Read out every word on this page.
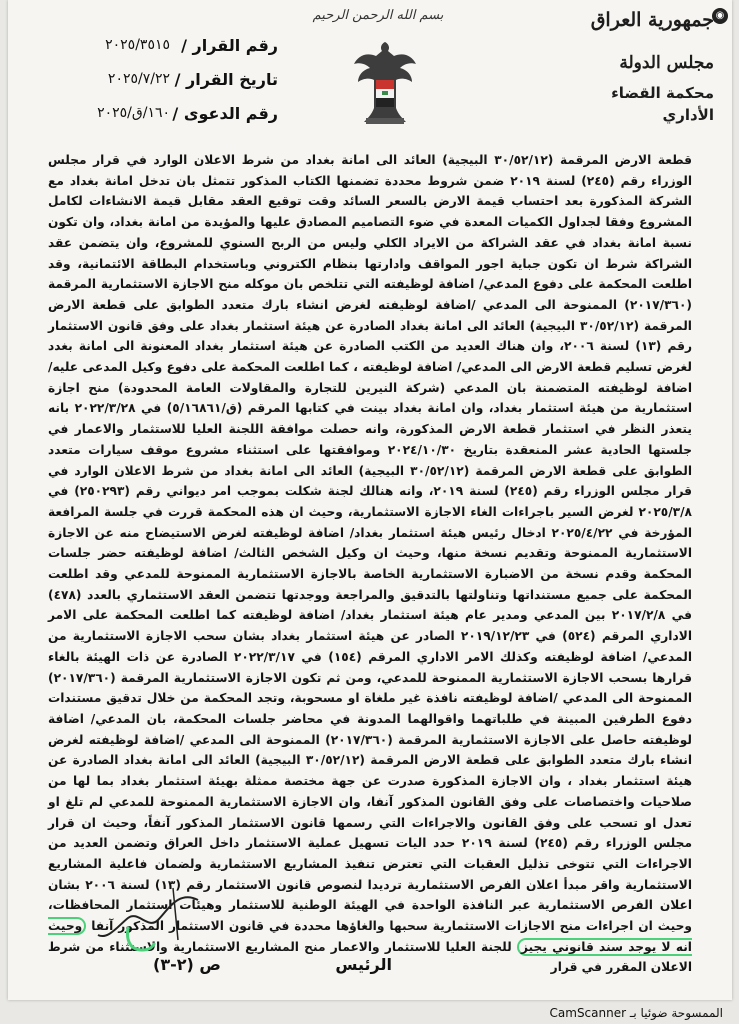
◉
جمهورية العراق
مجلس الدولة
محكمة القضاء الأداري
بسم الله الرحمن الرحيم
رقم القرار /
٢٠٢٥/٣٥١٥
تاريخ القرار /
٢٠٢٥/٧/٢٢
رقم الدعوى /
١٦٠/ق/٢٠٢٥

قطعة الارض المرقمة (٣٠/٥٢/١٢ البيجية) العائد الى امانة بغداد من شرط الاعلان الوارد في قرار مجلس الوزراء رقم (٢٤٥) لسنة ٢٠١٩ ضمن شروط محددة تضمنها الكتاب المذكور تتمثل بان تدخل امانة بغداد مع الشركة المذكورة بعد احتساب قيمة الارض بالسعر السائد وقت توقيع العقد مقابل قيمة الانشاءات لكامل المشروع وفقا لجداول الكميات المعدة في ضوء التصاميم المصادق عليها والمؤيدة من امانة بغداد، وان تكون نسبة امانة بغداد في عقد الشراكة من الايراد الكلي وليس من الربح السنوي للمشروع، وان يتضمن عقد الشراكة شرط ان تكون جباية اجور المواقف وادارتها بنظام الكتروني وباستخدام البطاقة الائتمانية، وقد اطلعت المحكمة على دفوع المدعي/ اضافة لوظيفته التي تتلخص بان موكله منح الاجازة الاستثمارية المرقمة (٢٠١٧/٣٦٠) الممنوحة الى المدعي /اضافة لوظيفته لغرض انشاء بارك متعدد الطوابق على قطعة الارض المرقمة (٣٠/٥٢/١٢ البيجية) العائد الى امانة بغداد الصادرة عن هيئة استثمار بغداد على وفق قانون الاستثمار رقم (١٣) لسنة ٢٠٠٦، وان هناك العديد من الكتب الصادرة عن هيئة استثمار بغداد المعنونة الى امانة بغدد لغرض تسليم قطعة الارض الى المدعي/ اضافة لوظيفته ، كما اطلعت المحكمة على دفوع وكيل المدعى عليه/ اضافة لوظيفته المتضمنة بان المدعي (شركة النيرين للتجارة والمقاولات العامة المحدودة) منح اجازة استثمارية من هيئة استثمار بغداد، وان امانة بغداد بينت في كتابها المرقم (ق/٥/١٦٨٦١) في ٢٠٢٢/٣/٢٨ بانه يتعذر النظر في استثمار قطعة الارض المذكورة، وانه حصلت موافقة اللجنة العليا للاستثمار والاعمار في جلستها الحادية عشر المنعقدة بتاريخ ٢٠٢٤/١٠/٣٠ وموافقتها على استثناء مشروع موقف سيارات متعدد الطوابق على قطعة الارض المرقمة (٣٠/٥٢/١٢ البيجية) العائد الى امانة بغداد من شرط الاعلان الوارد في قرار مجلس الوزراء رقم (٢٤٥) لسنة ٢٠١٩، وانه هنالك لجنة شكلت بموجب امر ديواني رقم (٢٥٠٢٩٣) في ٢٠٢٥/٣/٨ لغرض السير باجراءات الغاء الاجازة الاستثمارية، وحيث ان هذه المحكمة قررت في جلسة المرافعة المؤرخة في ٢٠٢٥/٤/٢٢ ادخال رئيس هيئة استثمار بغداد/ اضافة لوظيفته لغرض الاستيضاح منه عن الاجازة الاستثمارية الممنوحة وتقديم نسخة منها، وحيث ان وكيل الشخص الثالث/ اضافة لوظيفته حضر جلسات المحكمة وقدم نسخة من الاضبارة الاستثمارية الخاصة بالاجازة الاستثمارية الممنوحة للمدعي وقد اطلعت المحكمة على جميع مستنداتها وتناولتها بالتدقيق والمراجعة ووجدتها تتضمن العقد الاستثماري بالعدد (٤٧٨) في ٢٠١٧/٢/٨ بين المدعي ومدير عام هيئة استثمار بغداد/ اضافة لوظيفته كما اطلعت المحكمة على الامر الاداري المرقم (٥٢٤) في ٢٠١٩/١٢/٢٣ الصادر عن هيئة استثمار بغداد بشان سحب الاجازة الاستثمارية من المدعي/ اضافة لوظيفته وكذلك الامر الاداري المرقم (١٥٤) في ٢٠٢٢/٣/١٧ الصادرة عن ذات الهيئة بالغاء قرارها بسحب الاجازة الاستثمارية الممنوحة للمدعي، ومن ثم تكون الاجازة الاستثمارية المرقمة (٢٠١٧/٣٦٠) الممنوحة الى المدعي /اضافة لوظيفته نافذة غير ملغاة او مسحوبة، وتجد المحكمة من خلال تدقيق مستندات دفوع الطرفين المبينة في طلباتهما واقوالهما المدونة في محاضر جلسات المحكمة، بان المدعي/ اضافة لوظيفته حاصل على الاجازة الاستثمارية المرقمة (٢٠١٧/٣٦٠) الممنوحة الى المدعي /اضافة لوظيفته لغرض انشاء بارك متعدد الطوابق على قطعة الارض المرقمة (٣٠/٥٢/١٢ البيجية) العائد الى امانة بغداد الصادرة عن هيئة استثمار بغداد ، وان الاجازة المذكورة صدرت عن جهة مختصة ممثلة بهيئة استثمار بغداد بما لها من صلاحيات واختصاصات على وفق القانون المذكور آنفا، وان الاجازة الاستثمارية الممنوحة للمدعي لم تلغ او تعدل او تسحب على وفق القانون والاجراءات التي رسمها قانون الاستثمار المذكور آنفاً، وحيث ان قرار مجلس الوزراء رقم (٢٤٥) لسنة ٢٠١٩ حدد اليات تسهيل عملية الاستثمار داخل العراق وتضمن العديد من الاجراءات التي تتوخى تذليل العقبات التي تعترض تنفيذ المشاريع الاستثمارية ولضمان فاعلية المشاريع الاستثمارية واقر مبدأ اعلان الفرص الاستثمارية ترديدا لنصوص قانون الاستثمار رقم (١٣) لسنة ٢٠٠٦ بشان اعلان الفرص الاستثمارية عبر النافذة الواحدة في الهيئة الوطنية للاستثمار وهيئات استثمار المحافظات، وحيث ان اجراءات منح الاجازات الاستثمارية سحبها والغاؤها محددة في قانون الاستثمار المذكور آنفا وحيث انه لا يوجد سند قانوني يجيز للجنة العليا للاستثمار والاعمار منح المشاريع الاستثمارية والاستثناء من شرط الاعلان المقرر في قرار

الرئيس
ص (٢-٣)
الممسوحة ضوئيا بـ CamScanner
